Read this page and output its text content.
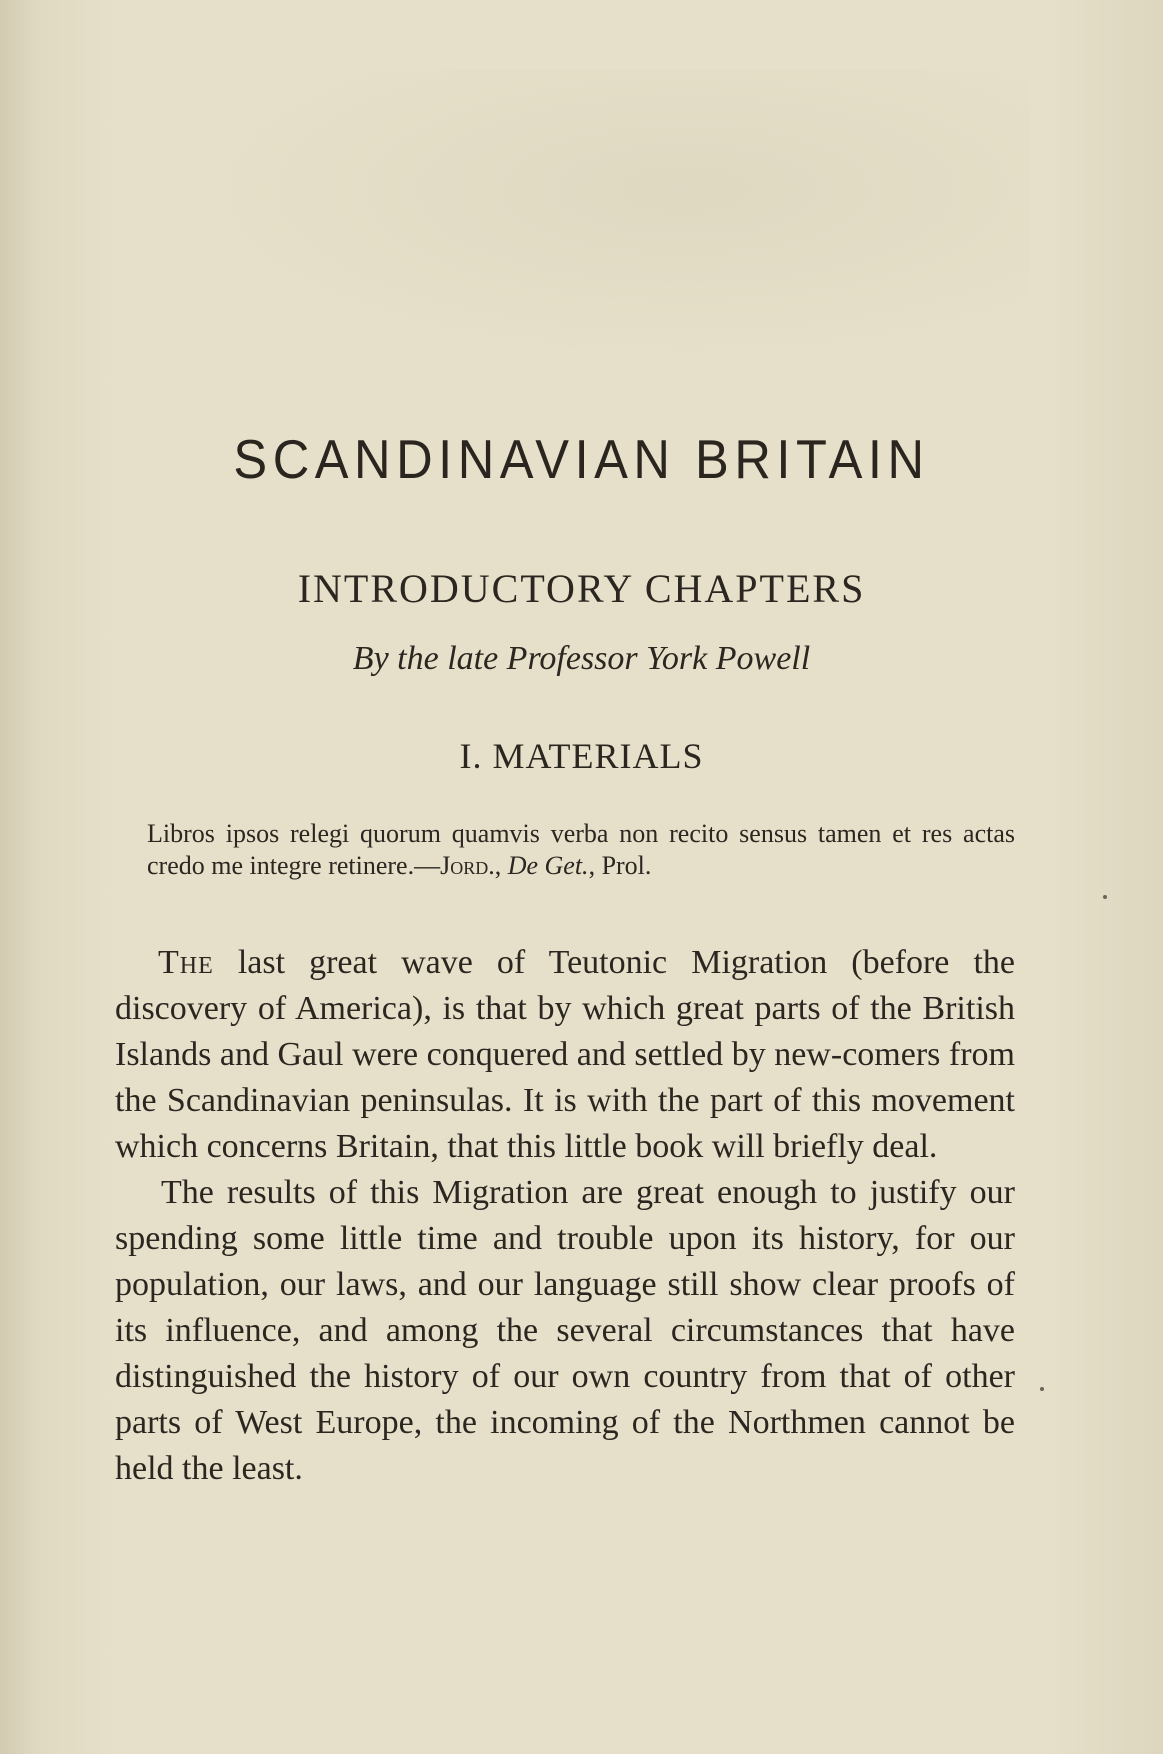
SCANDINAVIAN BRITAIN
INTRODUCTORY CHAPTERS
By the late Professor York Powell
I. MATERIALS
Libros ipsos relegi quorum quamvis verba non recito sensus tamen et res actas credo me integre retinere.—Jord., De Get., Prol.

The last great wave of Teutonic Migration (before the discovery of America), is that by which great parts of the British Islands and Gaul were conquered and settled by new-comers from the Scandinavian peninsulas. It is with the part of this movement which concerns Britain, that this little book will briefly deal.

The results of this Migration are great enough to justify our spending some little time and trouble upon its history, for our population, our laws, and our language still show clear proofs of its influence, and among the several circumstances that have distinguished the history of our own country from that of other parts of West Europe, the incoming of the Northmen cannot be held the least.
